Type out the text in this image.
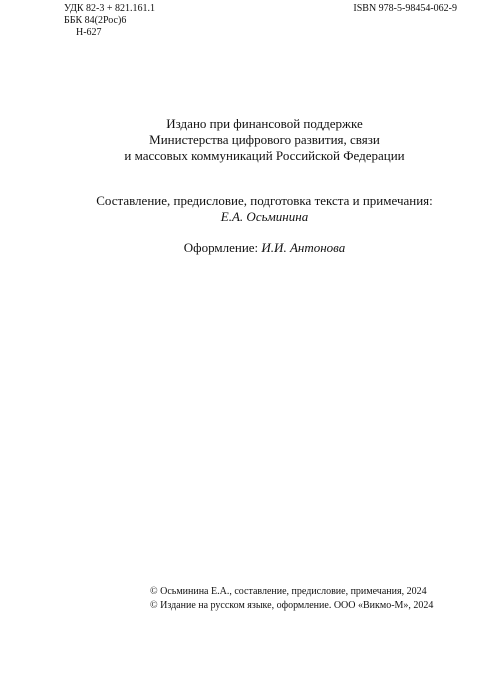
УДК 82-3 + 821.161.1
ББК 84(2Рос)6
Н-627
ISBN 978-5-98454-062-9
Издано при финансовой поддержке
Министерства цифрового развития, связи
и массовых коммуникаций Российской Федерации
Составление, предисловие, подготовка текста и примечания:
Е.А. Осьминина
Оформление: И.И. Антонова
© Осьминина Е.А., составление, предисловие, примечания, 2024
© Издание на русском языке, оформление. ООО «Викмо-М», 2024
